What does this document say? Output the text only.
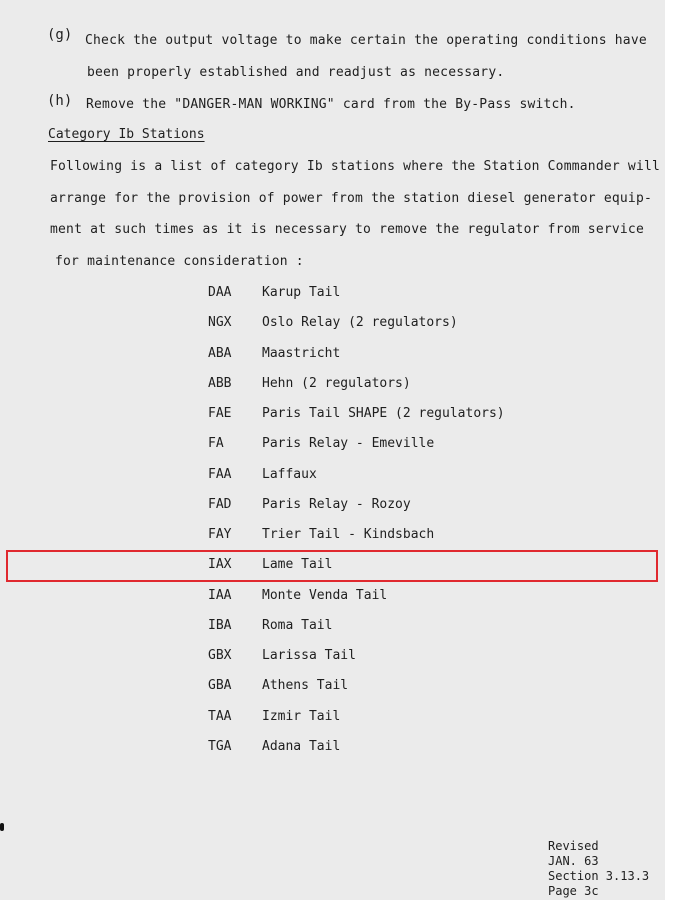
(g) Check the output voltage to make certain the operating conditions have
been properly established and readjust as necessary.
(h) Remove the "DANGER-MAN WORKING" card from the By-Pass switch.
Category Ib Stations
Following is a list of category Ib stations where the Station Commander will
arrange for the provision of power from the station diesel generator equip-
ment at such times as it is necessary to remove the regulator from service
for maintenance consideration :
DAA	Karup Tail
NGX	Oslo Relay (2 regulators)
ABA	Maastricht
ABB	Hehn (2 regulators)
FAE	Paris Tail SHAPE (2 regulators)
FA	Paris Relay - Emeville
FAA	Laffaux
FAD	Paris Relay - Rozoy
FAY	Trier Tail - Kindsbach
IAX	Lame Tail
IAA	Monte Venda Tail
IBA	Roma Tail
GBX	Larissa Tail
GBA	Athens Tail
TAA	Izmir Tail
TGA	Adana Tail
Revised
JAN. 63
Section 3.13.3
Page 3c
